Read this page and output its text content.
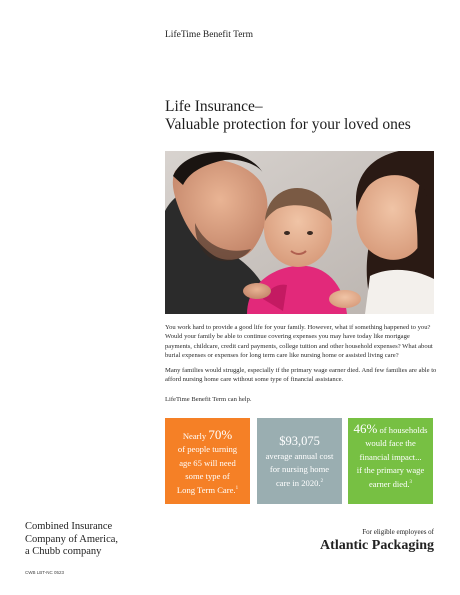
LifeTime Benefit Term
Life Insurance–
Valuable protection for your loved ones

You work hard to provide a good life for your family. However, what if something happened to you? Would your family be able to continue covering expenses you may have today like mortgage payments, childcare, credit card payments, college tuition and other household expenses? What about burial expenses or expenses for long term care like nursing home or assisted living care?

Many families would struggle, especially if the primary wage earner died. And few families are able to afford nursing home care without some type of financial assistance.

LifeTime Benefit Term can help.

Nearly 70%
of people turning
age 65 will need
some type of
Long Term Care.$^1$
$93,075
average annual cost
for nursing home
care in 2020.$^2$
46% of households
would face the
financial impact...
if the primary wage
earner died.$^3$
Combined Insurance
Company of America,
a Chubb company
CWB LBT-NC 0523
For eligible employees of
Atlantic Packaging
